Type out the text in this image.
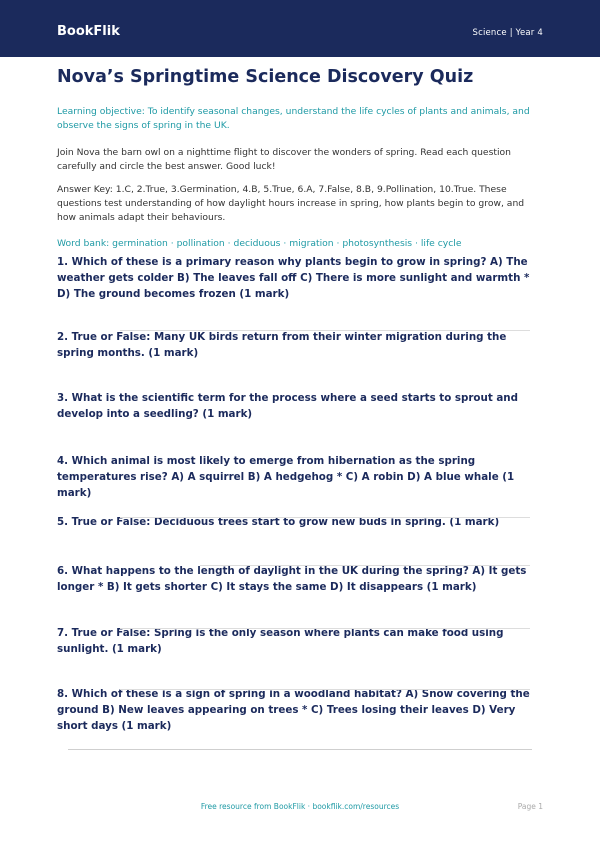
BookFlik	Science | Year 4
Nova’s Springtime Science Discovery Quiz

Learning objective: To identify seasonal changes, understand the life cycles of plants and animals, and observe the signs of spring in the UK.

Join Nova the barn owl on a nighttime flight to discover the wonders of spring. Read each question carefully and circle the best answer. Good luck!

Answer Key: 1.C, 2.True, 3.Germination, 4.B, 5.True, 6.A, 7.False, 8.B, 9.Pollination, 10.True. These questions test understanding of how daylight hours increase in spring, how plants begin to grow, and how animals adapt their behaviours.

Word bank: germination · pollination · deciduous · migration · photosynthesis · life cycle

1. Which of these is a primary reason why plants begin to grow in spring? A) The weather gets colder B) The leaves fall off C) There is more sunlight and warmth * D) The ground becomes frozen (1 mark)
2. True or False: Many UK birds return from their winter migration during the spring months. (1 mark)
3. What is the scientific term for the process where a seed starts to sprout and develop into a seedling? (1 mark)
4. Which animal is most likely to emerge from hibernation as the spring temperatures rise? A) A squirrel B) A hedgehog * C) A robin D) A blue whale (1 mark)
5. True or False: Deciduous trees start to grow new buds in spring. (1 mark)
6. What happens to the length of daylight in the UK during the spring? A) It gets longer * B) It gets shorter C) It stays the same D) It disappears (1 mark)
7. True or False: Spring is the only season where plants can make food using sunlight. (1 mark)
8. Which of these is a sign of spring in a woodland habitat? A) Snow covering the ground B) New leaves appearing on trees * C) Trees losing their leaves D) Very short days (1 mark)
Free resource from BookFlik · bookflik.com/resources	Page 1
